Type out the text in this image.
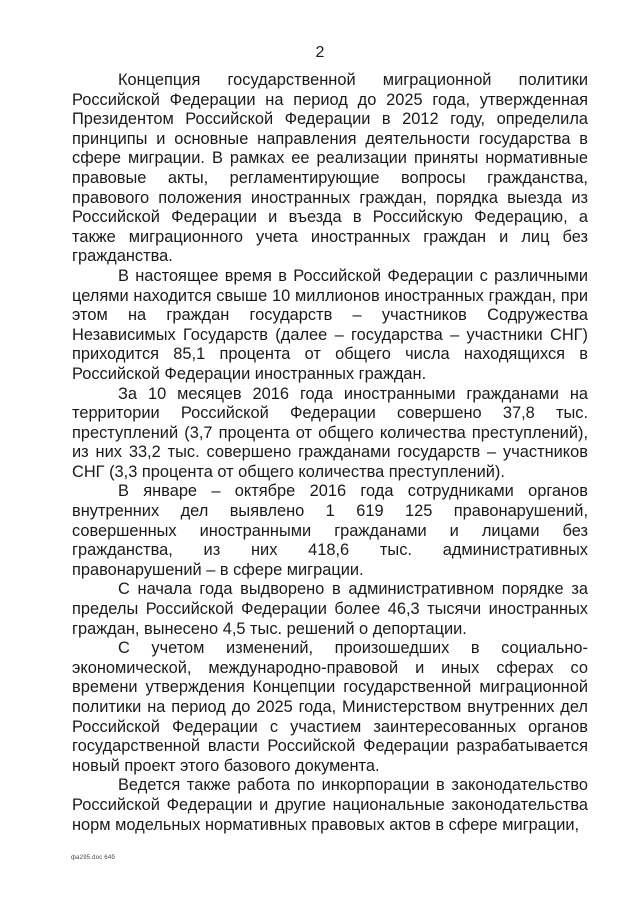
2

Концепция государственной миграционной политики Российской Федерации на период до 2025 года, утвержденная Президентом Российской Федерации в 2012 году, определила принципы и основные направления деятельности государства в сфере миграции. В рамках ее реализации приняты нормативные правовые акты, регламентирующие вопросы гражданства, правового положения иностранных граждан, порядка выезда из Российской Федерации и въезда в Российскую Федерацию, а также миграционного учета иностранных граждан и лиц без гражданства.

В настоящее время в Российской Федерации с различными целями находится свыше 10 миллионов иностранных граждан, при этом на граждан государств – участников Содружества Независимых Государств (далее – государства – участники СНГ) приходится 85,1 процента от общего числа находящихся в Российской Федерации иностранных граждан.

За 10 месяцев 2016 года иностранными гражданами на территории Российской Федерации совершено 37,8 тыс. преступлений (3,7 процента от общего количества преступлений), из них 33,2 тыс. совершено гражданами государств – участников СНГ (3,3 процента от общего количества преступлений).

В январе – октябре 2016 года сотрудниками органов внутренних дел выявлено 1 619 125 правонарушений, совершенных иностранными гражданами и лицами без гражданства, из них 418,6 тыс. административных правонарушений – в сфере миграции.

С начала года выдворено в административном порядке за пределы Российской Федерации более 46,3 тысячи иностранных граждан, вынесено 4,5 тыс. решений о депортации.

С учетом изменений, произошедших в социально-экономической, международно-правовой и иных сферах со времени утверждения Концепции государственной миграционной политики на период до 2025 года, Министерством внутренних дел Российской Федерации с участием заинтересованных органов государственной власти Российской Федерации разрабатывается новый проект этого базового документа.

Ведется также работа по инкорпорации в законодательство Российской Федерации и другие национальные законодательства норм модельных нормативных правовых актов в сфере миграции,

фа295.doc 64б
